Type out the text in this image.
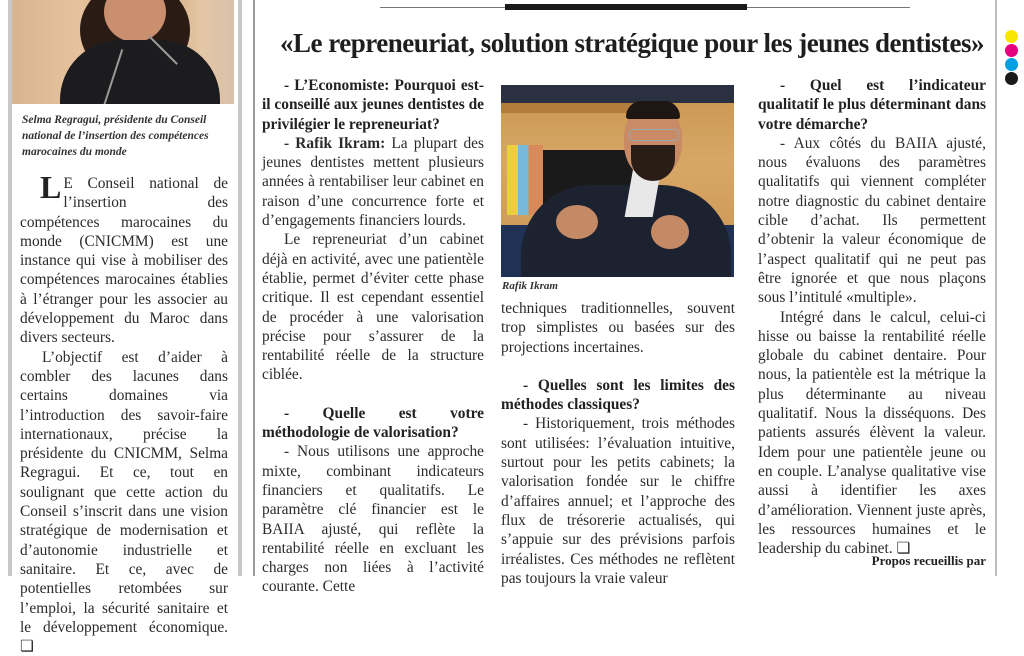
Selma Regragui, présidente du Conseil national de l’insertion des compétences marocaines du monde

L E Conseil national de l’insertion des compétences marocaines du monde (CNICMM) est une instance qui vise à mobiliser des compétences marocaines établies à l’étranger pour les associer au développement du Maroc dans divers secteurs.

L’objectif est d’aider à combler des lacunes dans certains domaines via l’introduction des savoir-faire internationaux, précise la présidente du CNICMM, Selma Regragui. Et ce, tout en soulignant que cette action du Conseil s’inscrit dans une vision stratégique de modernisation et d’autonomie industrielle et sanitaire. Et ce, avec de potentielles retombées sur l’emploi, la sécurité sanitaire et le développement économique. ❏

«Le repreneuriat, solution stratégique pour les jeunes dentistes»

- L’Economiste: Pourquoi est-il conseillé aux jeunes dentistes de privilégier le repreneuriat?

- Rafik Ikram: La plupart des jeunes dentistes mettent plusieurs années à rentabiliser leur cabinet en raison d’une concurrence forte et d’engagements financiers lourds.

Le repreneuriat d’un cabinet déjà en activité, avec une patientèle établie, permet d’éviter cette phase critique. Il est cependant essentiel de procéder à une valorisation précise pour s’assurer de la rentabilité réelle de la structure ciblée.

- Quelle est votre méthodologie de valorisation?

- Nous utilisons une approche mixte, combinant indicateurs financiers et qualitatifs. Le paramètre clé financier est le BAIIA ajusté, qui reflète la rentabilité réelle en excluant les charges non liées à l’activité courante. Cette

Rafik Ikram

techniques traditionnelles, souvent trop simplistes ou basées sur des projections incertaines.

- Quelles sont les limites des méthodes classiques?

- Historiquement, trois méthodes sont utilisées: l’évaluation intuitive, surtout pour les petits cabinets; la valorisation fondée sur le chiffre d’affaires annuel; et l’approche des flux de trésorerie actualisés, qui s’appuie sur des prévisions parfois irréalistes. Ces méthodes ne reflètent pas toujours la vraie valeur

- Quel est l’indicateur qualitatif le plus déterminant dans votre démarche?

- Aux côtés du BAIIA ajusté, nous évaluons des paramètres qualitatifs qui viennent compléter notre diagnostic du cabinet dentaire cible d’achat. Ils permettent d’obtenir la valeur économique de l’aspect qualitatif qui ne peut pas être ignorée et que nous plaçons sous l’intitulé «multiple».

Intégré dans le calcul, celui-ci hisse ou baisse la rentabilité réelle globale du cabinet dentaire. Pour nous, la patientèle est la métrique la plus déterminante au niveau qualitatif. Nous la disséquons. Des patients assurés élèvent la valeur. Idem pour une patientèle jeune ou en couple. L’analyse qualitative vise aussi à identifier les axes d’amélioration. Viennent juste après, les ressources humaines et le leadership du cabinet. ❏

Propos recueillis par
